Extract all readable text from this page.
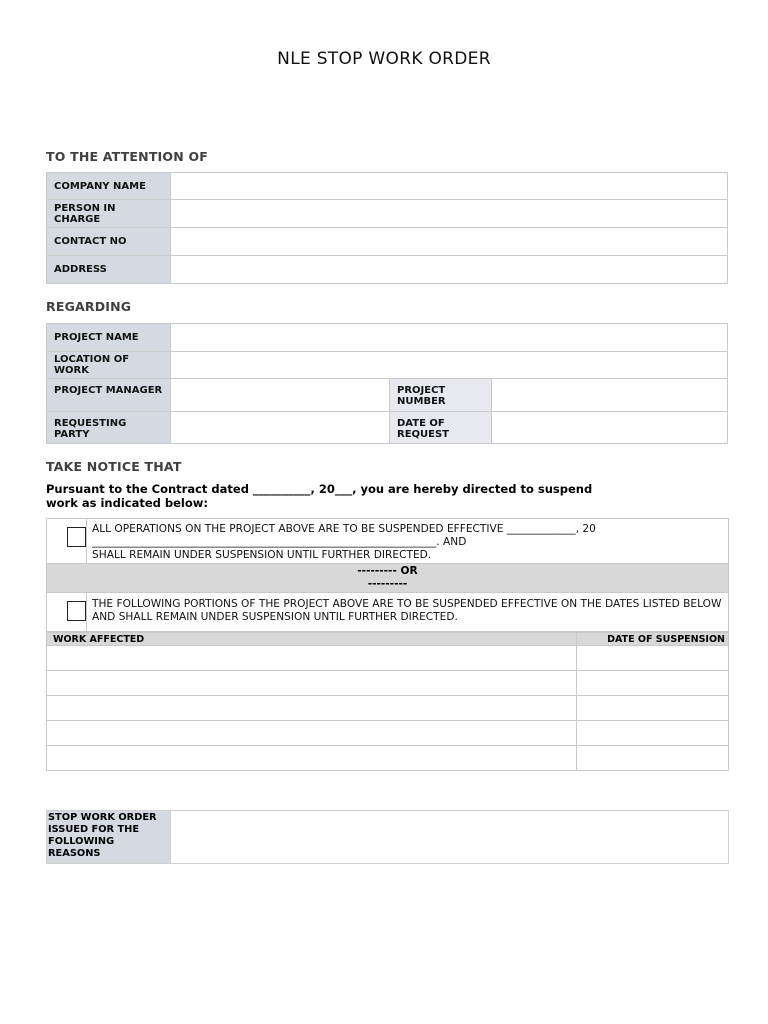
NLE STOP WORK ORDER
TO THE ATTENTION OF
COMPANY NAME	
PERSON IN CHARGE	
CONTACT NO	
ADDRESS	
REGARDING
PROJECT NAME			
LOCATION OF WORK			
PROJECT MANAGER		PROJECT NUMBER	
REQUESTING PARTY		DATE OF REQUEST	
TAKE NOTICE THAT
Pursuant to the Contract dated __________, 20___, you are hereby directed to suspend work as indicated below:
ALL OPERATIONS ON THE PROJECT ABOVE ARE TO BE SUSPENDED EFFECTIVE _____________, 20
_________________________________________________________________. AND
SHALL REMAIN UNDER SUSPENSION UNTIL FURTHER DIRECTED.
--------- OR
---------
THE FOLLOWING PORTIONS OF THE PROJECT ABOVE ARE TO BE SUSPENDED EFFECTIVE ON THE DATES LISTED BELOW AND SHALL REMAIN UNDER SUSPENSION UNTIL FURTHER DIRECTED.
WORK AFFECTED	DATE OF SUSPENSION

STOP WORK ORDER ISSUED FOR THE FOLLOWING REASONS	
